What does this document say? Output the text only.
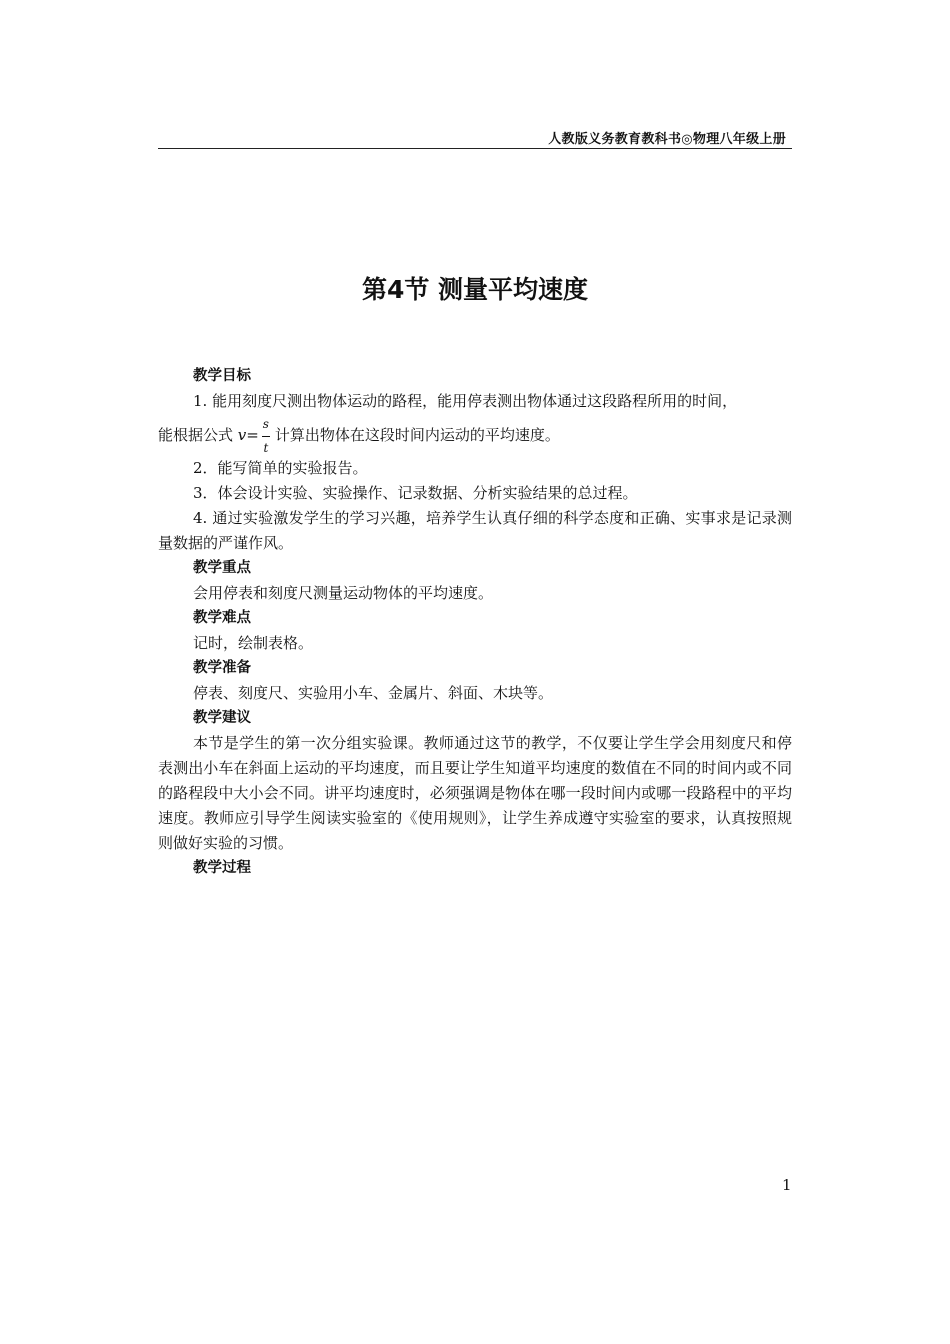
人教版义务教育教科书◎物理八年级上册
第4节 测量平均速度
教学目标
1. 能用刻度尺测出物体运动的路程，能用停表测出物体通过这段路程所用的时间，
能根据公式 $v= \frac{s}{t}$ 计算出物体在这段时间内运动的平均速度。
2．能写简单的实验报告。
3．体会设计实验、实验操作、记录数据、分析实验结果的总过程。
4. 通过实验激发学生的学习兴趣，培养学生认真仔细的科学态度和正确、实事求是记录测量数据的严谨作风。
教学重点
会用停表和刻度尺测量运动物体的平均速度。
教学难点
记时，绘制表格。
教学准备
停表、刻度尺、实验用小车、金属片、斜面、木块等。
教学建议
本节是学生的第一次分组实验课。教师通过这节的教学，不仅要让学生学会用刻度尺和停表测出小车在斜面上运动的平均速度，而且要让学生知道平均速度的数值在不同的时间内或不同的路程段中大小会不同。讲平均速度时，必须强调是物体在哪一段时间内或哪一段路程中的平均速度。教师应引导学生阅读实验室的《使用规则》，让学生养成遵守实验室的要求，认真按照规则做好实验的习惯。
教学过程
1
